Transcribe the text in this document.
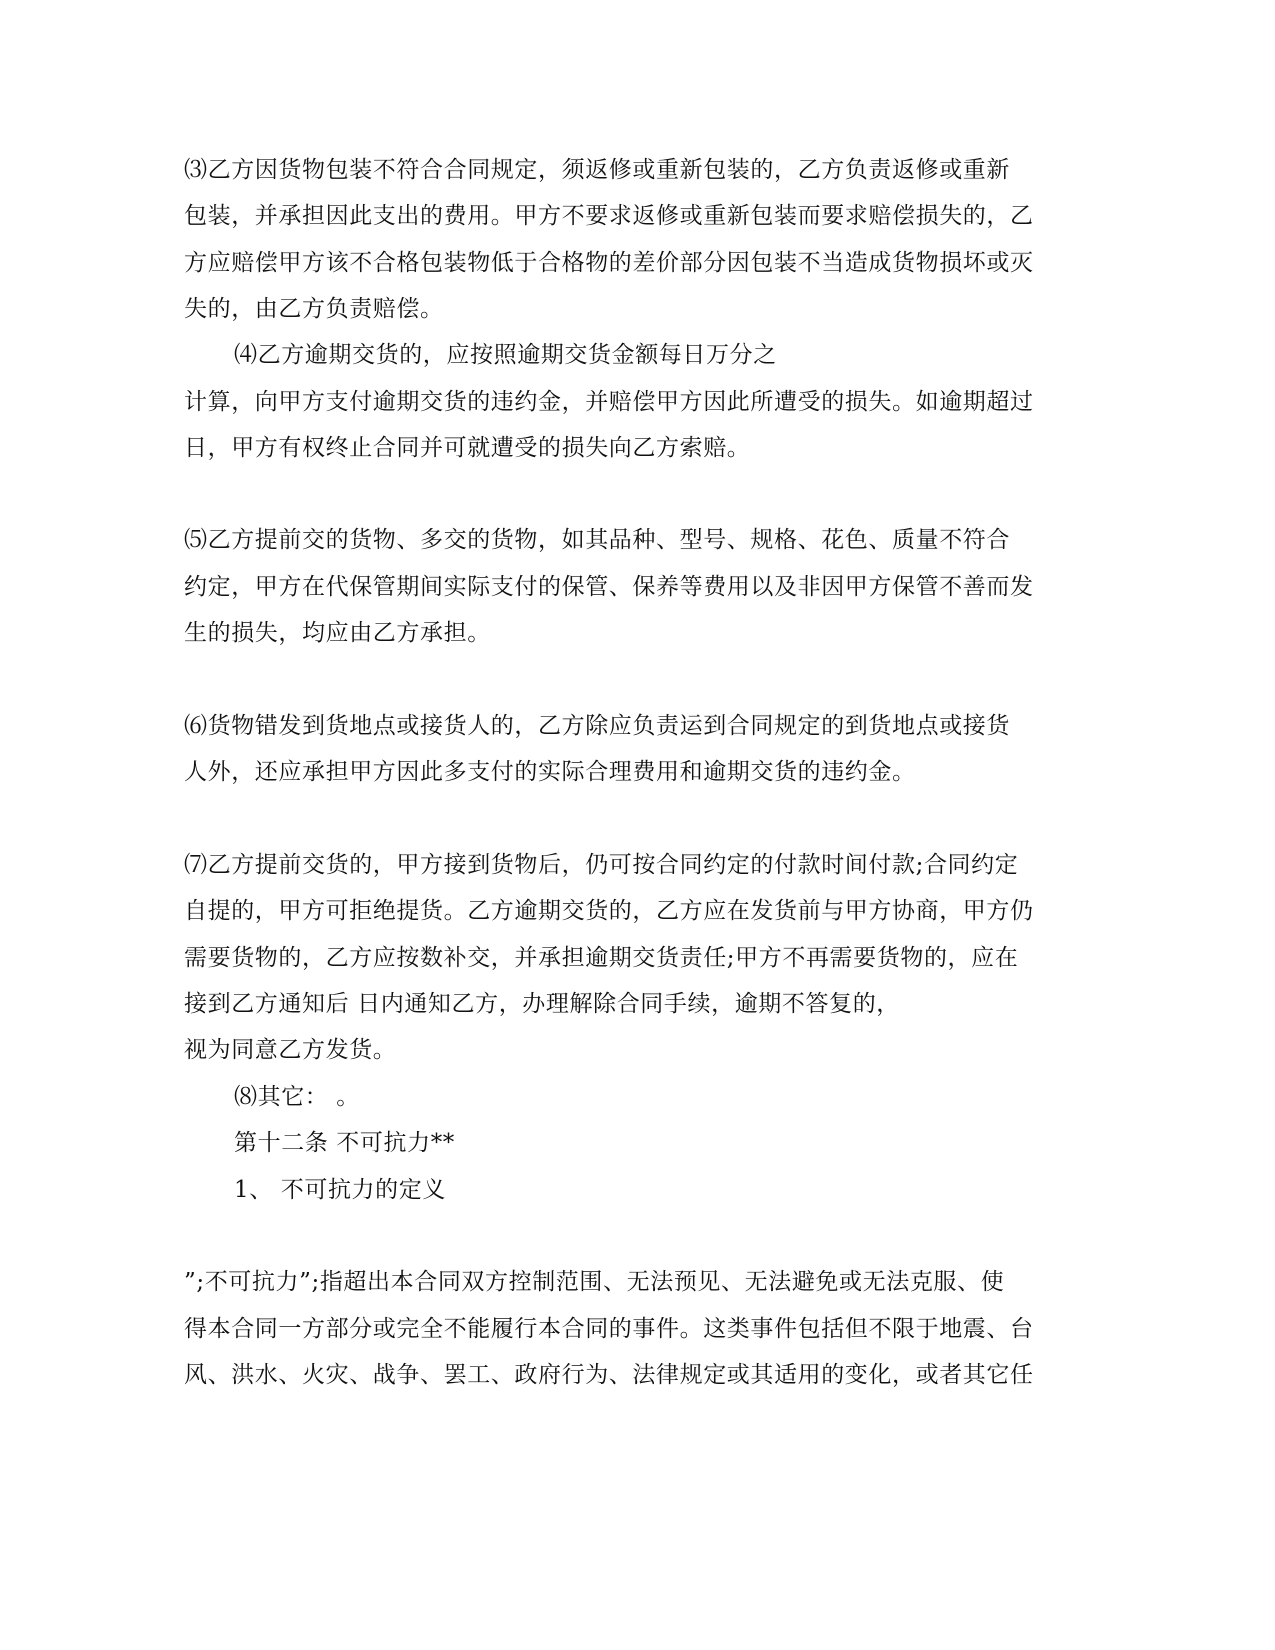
⑶乙方因货物包装不符合合同规定，须返修或重新包装的，乙方负责返修或重新
包装，并承担因此支出的费用。甲方不要求返修或重新包装而要求赔偿损失的，乙
方应赔偿甲方该不合格包装物低于合格物的差价部分因包装不当造成货物损坏或灭
失的，由乙方负责赔偿。
⑷乙方逾期交货的，应按照逾期交货金额每日万分之
计算，向甲方支付逾期交货的违约金，并赔偿甲方因此所遭受的损失。如逾期超过
日，甲方有权终止合同并可就遭受的损失向乙方索赔。
⑸乙方提前交的货物、多交的货物，如其品种、型号、规格、花色、质量不符合
约定，甲方在代保管期间实际支付的保管、保养等费用以及非因甲方保管不善而发
生的损失，均应由乙方承担。
⑹货物错发到货地点或接货人的，乙方除应负责运到合同规定的到货地点或接货
人外，还应承担甲方因此多支付的实际合理费用和逾期交货的违约金。
⑺乙方提前交货的，甲方接到货物后，仍可按合同约定的付款时间付款;合同约定
自提的，甲方可拒绝提货。乙方逾期交货的，乙方应在发货前与甲方协商，甲方仍
需要货物的，乙方应按数补交，并承担逾期交货责任;甲方不再需要货物的，应在
接到乙方通知后 日内通知乙方，办理解除合同手续，逾期不答复的，
视为同意乙方发货。
⑻其它： 。
第十二条 不可抗力**
1、 不可抗力的定义
”;不可抗力”;指超出本合同双方控制范围、无法预见、无法避免或无法克服、使
得本合同一方部分或完全不能履行本合同的事件。这类事件包括但不限于地震、台
风、洪水、火灾、战争、罢工、政府行为、法律规定或其适用的变化，或者其它任
